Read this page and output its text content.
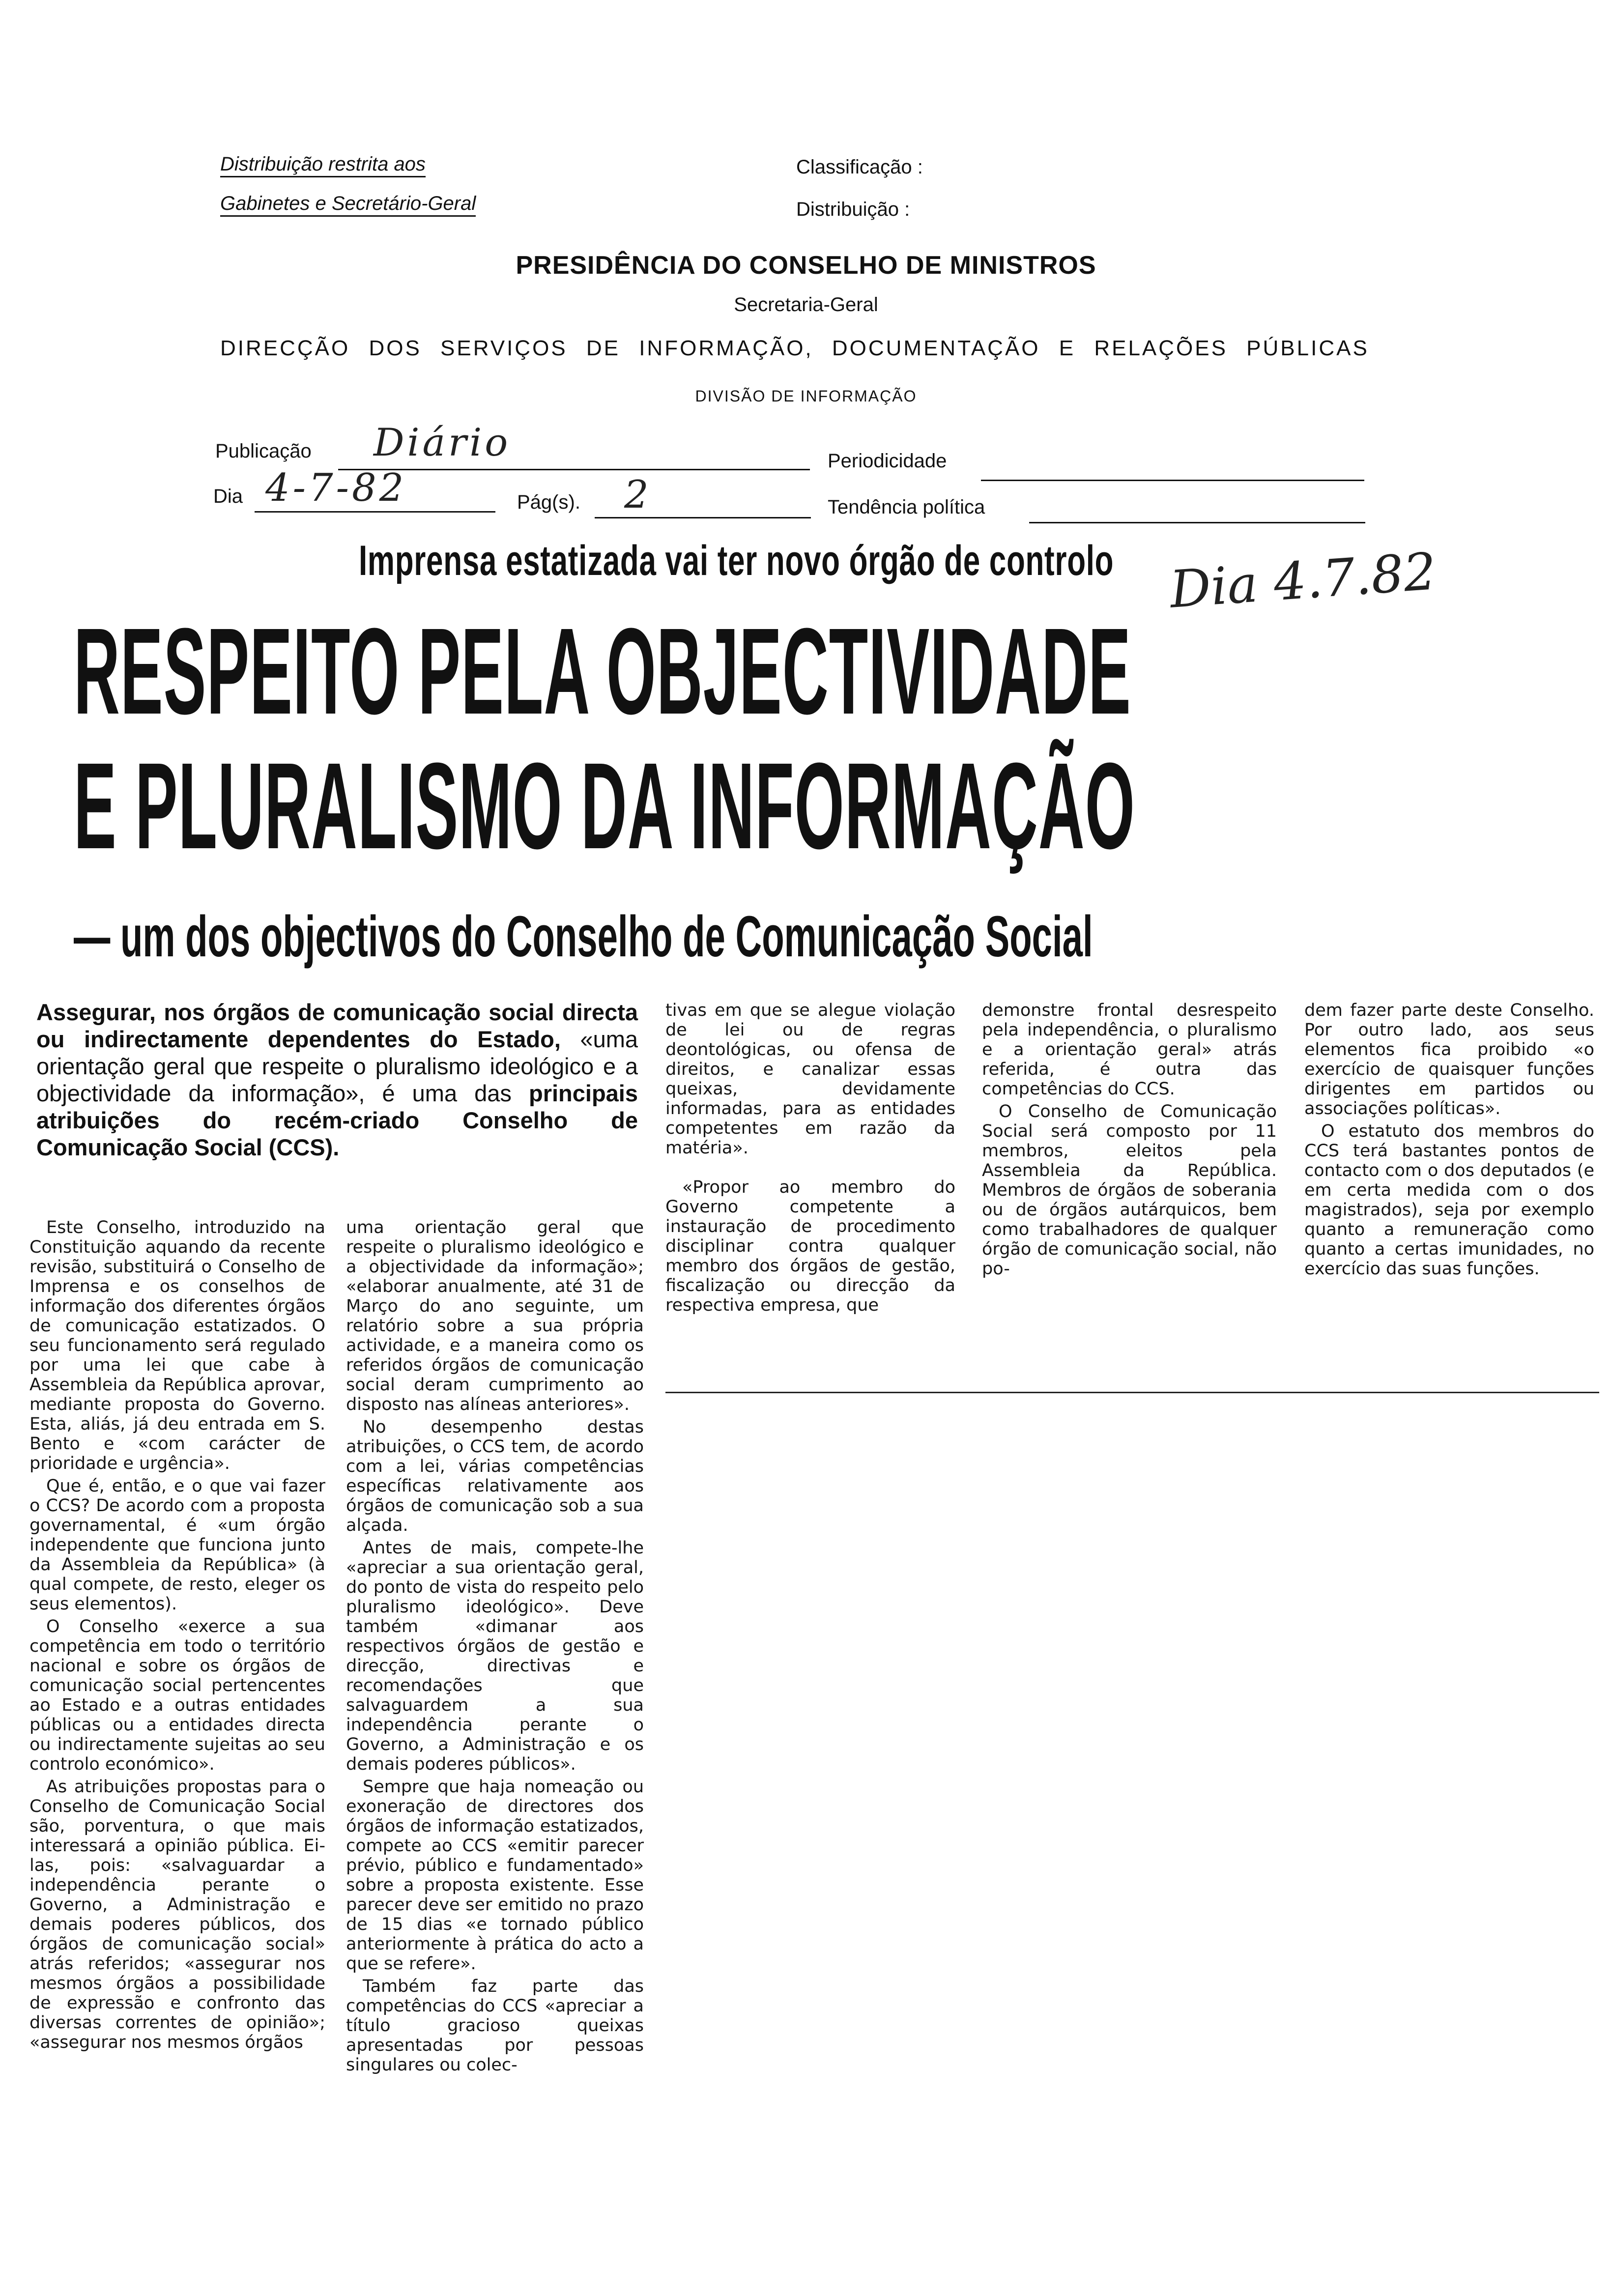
Distribuição restrita aos
Gabinetes e Secretário-Geral
Classificação :
Distribuição :
PRESIDÊNCIA DO CONSELHO DE MINISTROS
Secretaria-Geral
DIRECÇÃO DOS SERVIÇOS DE INFORMAÇÃO, DOCUMENTAÇÃO E RELAÇÕES PÚBLICAS
DIVISÃO DE INFORMAÇÃO
Publicação Diário	Periodicidade
Dia 4-7-82	Pág(s). 2	Tendência política
Imprensa estatizada vai ter novo órgão de controlo Dia 4.7.82
RESPEITO PELA OBJECTIVIDADE
E PLURALISMO DA INFORMAÇÃO
— um dos objectivos do Conselho de Comunicação Social
Assegurar, nos órgãos de comunicação social directa ou indirectamente dependentes do Estado, «uma orientação geral que respeite o pluralismo ideológico e a objectividade da informação», é uma das principais atribuições do recém-criado Conselho de Comunicação Social (CCS).

Este Conselho, introduzido na Constituição aquando da recente revisão, substituirá o Conselho de Imprensa e os conselhos de informação dos diferentes órgãos de comunicação estatizados. O seu funcionamento será regulado por uma lei que cabe à Assembleia da República aprovar, mediante proposta do Governo. Esta, aliás, já deu entrada em S. Bento e «com carácter de prioridade e urgência».

Que é, então, e o que vai fazer o CCS? De acordo com a proposta governamental, é «um órgão independente que funciona junto da Assembleia da República» (à qual compete, de resto, eleger os seus elementos).

O Conselho «exerce a sua competência em todo o território nacional e sobre os órgãos de comunicação social pertencentes ao Estado e a outras entidades públicas ou a entidades directa ou indirectamente sujeitas ao seu controlo económico».

As atribuições propostas para o Conselho de Comunicação Social são, porventura, o que mais interessará a opinião pública. Ei-las, pois: «salvaguardar a independência perante o Governo, a Administração e demais poderes públicos, dos órgãos de comunicação social» atrás referidos; «assegurar nos mesmos órgãos a possibilidade de expressão e confronto das diversas correntes de opinião»; «assegurar nos mesmos órgãos

uma orientação geral que respeite o pluralismo ideológico e a objectividade da informação»; «elaborar anualmente, até 31 de Março do ano seguinte, um relatório sobre a sua própria actividade, e a maneira como os referidos órgãos de comunicação social deram cumprimento ao disposto nas alíneas anteriores».

No desempenho destas atribuições, o CCS tem, de acordo com a lei, várias competências específicas relativamente aos órgãos de comunicação sob a sua alçada.

Antes de mais, compete-lhe «apreciar a sua orientação geral, do ponto de vista do respeito pelo pluralismo ideológico». Deve também «dimanar aos respectivos órgãos de gestão e direcção, directivas e recomendações que salvaguardem a sua independência perante o Governo, a Administração e os demais poderes públicos».

Sempre que haja nomeação ou exoneração de directores dos órgãos de informação estatizados, compete ao CCS «emitir parecer prévio, público e fundamentado» sobre a proposta existente. Esse parecer deve ser emitido no prazo de 15 dias «e tornado público anteriormente à prática do acto a que se refere».

Também faz parte das competências do CCS «apreciar a título gracioso queixas apresentadas por pessoas singulares ou colec-

tivas em que se alegue violação de lei ou de regras deontológicas, ou ofensa de direitos, e canalizar essas queixas, devidamente informadas, para as entidades competentes em razão da matéria».

«Propor ao membro do Governo competente a instauração de procedimento disciplinar contra qualquer membro dos órgãos de gestão, fiscalização ou direcção da respectiva empresa, que

demonstre frontal desrespeito pela independência, o pluralismo e a orientação geral» atrás referida, é outra das competências do CCS.

O Conselho de Comunicação Social será composto por 11 membros, eleitos pela Assembleia da República. Membros de órgãos de soberania ou de órgãos autárquicos, bem como trabalhadores de qualquer órgão de comunicação social, não po-

dem fazer parte deste Conselho. Por outro lado, aos seus elementos fica proibido «o exercício de quaisquer funções dirigentes em partidos ou associações políticas».

O estatuto dos membros do CCS terá bastantes pontos de contacto com o dos deputados (e em certa medida com o dos magistrados), seja por exemplo quanto a remuneração como quanto a certas imunidades, no exercício das suas funções.
